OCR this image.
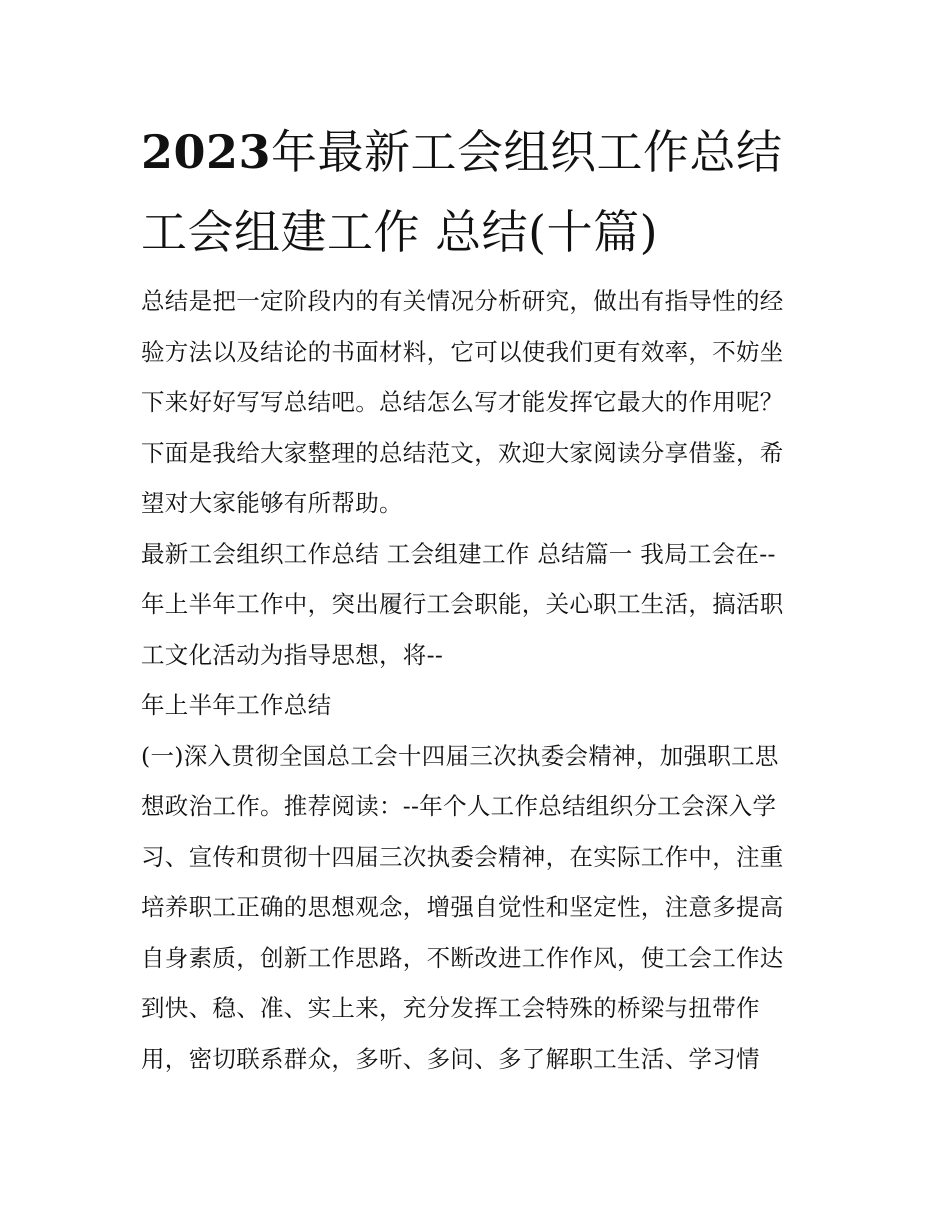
2023年最新工会组织工作总结
工会组建工作 总结(十篇)

总结是把一定阶段内的有关情况分析研究，做出有指导性的经
验方法以及结论的书面材料，它可以使我们更有效率，不妨坐
下来好好写写总结吧。总结怎么写才能发挥它最大的作用呢？
下面是我给大家整理的总结范文，欢迎大家阅读分享借鉴，希
望对大家能够有所帮助。

最新工会组织工作总结 工会组建工作 总结篇一 我局工会在--
年上半年工作中，突出履行工会职能，关心职工生活，搞活职
工文化活动为指导思想，将--

年上半年工作总结

(一)深入贯彻全国总工会十四届三次执委会精神，加强职工思
想政治工作。推荐阅读：--年个人工作总结组织分工会深入学
习、宣传和贯彻十四届三次执委会精神，在实际工作中，注重
培养职工正确的思想观念，增强自觉性和坚定性，注意多提高
自身素质，创新工作思路，不断改进工作作风，使工会工作达
到快、稳、准、实上来，充分发挥工会特殊的桥梁与扭带作
用，密切联系群众，多听、多问、多了解职工生活、学习情
